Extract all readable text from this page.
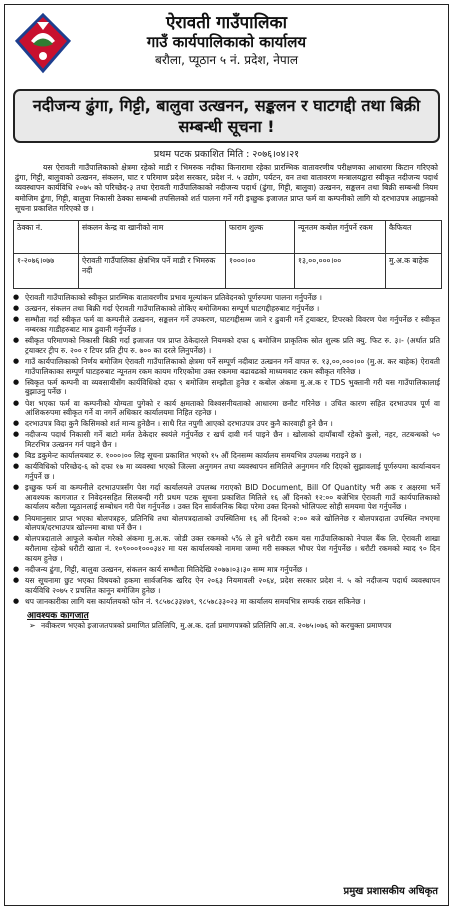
ऐरावती गाउँपालिका
गाउँ कार्यपालिकाको कार्यालय
बरौला, प्यूठान ५ नं. प्रदेश, नेपाल
नदीजन्य ढुंगा, गिट्टी, बालुवा उत्खनन, सङ्कलन र घाटगद्दी तथा बिक्री सम्बन्धी सूचना !
प्रथम पटक प्रकाशित मिति : २०७६।०४।२१
यस ऐरावती गाउँपालिकाको क्षेत्रमा रहेको माडी र भिमरुक नदीका किनारामा रहेका प्रारम्भिक वातावरणीय परीक्षणका आधारमा किटान गरिएको ढुंगा, गिट्टी, बालुवाको उत्खनन, संकलन, घाट र परिमाण प्रदेश सरकार, प्रदेश नं. ५ उद्योग, पर्यटन, वन तथा वातावरण मन्त्रालयद्वारा स्वीकृत नदीजन्य पदार्थ व्यवस्थापन कार्यविधि २०७५ को परिच्छेद-३ तथा ऐरावती गाउँपालिकाको नदीजन्य पदार्थ (ढुंगा, गिट्टी, बालुवा) उत्खनन, सङ्कलन तथा बिक्री सम्बन्धी नियम बमोजिम ढुंगा, गिट्टी, बालुवा निकासी ठेक्का सम्बन्धी तपसिलको शर्त पालना गर्ने गरी इच्छुक इजाजत प्राप्त फर्म वा कम्पनीको लागि यो दरभाउपत्र आह्वानको सूचना प्रकाशित गरिएको छ ।
ठेक्का नं.	संकलन केन्द्र वा खानीको नाम	फाराम शुल्क	न्यूनतम कबोल गर्नुपर्ने रकम	कैफियत
१-२०७६।०७७	ऐरावती गाउँपालिका क्षेत्रभित्र पर्ने माडी र भिमरुक नदी	१०००।००	१३,००,०००।००	मु.अ.क बाहेक
● ऐरावती गाउँपालिकाको स्वीकृत प्रारम्भिक वातावरणीय प्रभाव मूल्यांकन प्रतिवेदनको पूर्णरुपमा पालना गर्नुपर्नेछ ।
● उत्खनन, संकलन तथा बिक्री गर्दा ऐरावती गाउँपालिकाको तोकिए बमोजिमका सम्पूर्ण घाटगद्दीहरुबाट गर्नुपर्नेछ ।
● सम्भौता गर्दा स्वीकृत फर्म वा कम्पनीले उत्खनन, सङ्कलन गर्ने उपकरण, घाटगद्दीसम्म जाने र ढुवानी गर्ने ट्रयाक्टर, टिपरको विवरण पेश गर्नुपर्नेछ र स्वीकृत नम्बरका गाडीहरुबाट मात्र ढुवानी गर्नुपर्नेछ ।
● स्वीकृत परिमाणको निकासी बिक्री गर्दा इजाजत पत्र प्राप्त ठेकेदारले नियमको दफा ६ बमोजिम प्राकृतिक स्रोत शुल्क प्रति क्यु. फिट रु. ३।- (अर्थात प्रति ट्रयाक्टर ट्रीप रु. २०० र टिपर प्रति ट्रीप रु. ७०० का दरले लिनुपर्नेछ) ।
● गाउँ कार्यपालिकाको निर्णय बमोजिम ऐरावती गाउँपालिकाको क्षेत्रमा पर्ने सम्पूर्ण नदीबाट उत्खनन गर्ने वापत रु. १३,००,०००।०० (मु.अ. कर बाहेक) ऐरावती गाउँपालिकाका सम्पूर्ण घाटहरुबाट न्यूनतम रकम कायम गरिएकोमा उक्त रकममा बढावढको माध्यमबाट रकम स्वीकृत गरिनेछ ।
● स्विकृत फर्म कम्पनी वा व्यवसायीसँग कार्यविधिको दफा ९ बमोजिम सम्झौता हुनेछ र कबोल अंकमा मु.अ.क र TDS भुक्तानी गरी यस गाउँपालिकालाई बुझाउनु पर्नेछ ।
● पेश भएका फर्म वा कम्पनीको योग्यता पुगेको र कार्य क्षमताको विश्वसनीयताको आधारमा छनौट गरिनेछ । उचित कारण सहित दरभाउपत्र पूर्ण वा आंशिकरुपमा स्वीकृत गर्ने वा नगर्ने अधिकार कार्यालयमा निहित रहनेछ ।
● दरभाउपत्र विदा कुनै किसिमको शर्त मान्य हुनेछैन । साथै रित नपुगी आएको दरभाउपत्र उपर कुनै कारवाही हुने छैन ।
● नदीजन्य पदार्थ निकासी गर्ने बाटो मर्मत ठेकेदार स्वयंले गर्नुपर्नेछ र खर्च दावी गर्न पाइने छैन । खोलाको दायाँबायाँ रहेको कुलो, नहर, तटबन्धको ५० मिटरभित्र उत्खनन गर्न पाइने छैन ।
● बिड डकुमेन्ट कार्यालयबाट रु. १०००।०० लिइ सूचना प्रकाशित भएको १५ औं दिनसम्म कार्यालय समयभित्र उपलब्ध गराइने छ ।
● कार्यविधिको परिच्छेद-६ को दफा १७ मा व्यवस्था भएको जिल्ला अनुगमन तथा व्यवस्थापन समितिले अनुगमन गरि दिएको सुझावलाई पूर्णरुपमा कार्यान्वयन गर्नुपर्ने छ ।
● इच्छुक फर्म वा कम्पनीले दरभाउपत्रसँग पेश गर्दा कार्यालयले उपलब्ध गराएको BID Document, Bill Of Quantity भरी अक र अक्षरमा भर्ने आवश्यक कागजात र निवेदनसहित सिलबन्दी गरी प्रथम पटक सूचना प्रकाशित मितिले १६ औं दिनको १२:०० बजेभित्र ऐरावती गाउँ कार्यपालिकाको कार्यालय बरौला प्यूठानलाई सम्बोधन गरी पेश गर्नुपर्नेछ । उक्त दिन सार्वजनिक बिदा परेमा उक्त दिनको भोलिपल्ट सोही समयमा पेश गर्नुपर्नेछ ।
● नियमानुसार प्राप्त भएका बोलपत्रहरु, प्रतिनिधि तथा बोलपत्रदाताको उपस्थितिमा १६ औं दिनको २:०० बजे खोलिनेछ र बोलपत्रदाता उपस्थित नभएमा बोलपत्र/दरभाउपत्र खोल्नमा बाधा पर्ने छैन ।
● बोलपत्रदाताले आफूले कबोल गरेको अंकमा मु.अ.क. जोडी उक्त रकमको ५% ले हुने धरौटी रकम यस गाउँपालिकाको नेपाल बैंक लि. ऐरावती शाखा बरौलामा रहेको धरौटी खाता नं. १०९०००१०००३४२ मा यस कार्यालयको नाममा जम्मा गरी सक्कल भौचर पेश गर्नुपर्नेछ । धरौटी रकमको म्याद ९० दिन कायम हुनेछ ।
● नदीजन्य ढुंगा, गिट्टी, बालुवा उत्खनन, संकलन कार्य सम्भौता मितिदेखि २०७७।०३।३० सम्म मात्र गर्नुपर्नेछ ।
● यस सूचनामा छुट भएका विषयको हकमा सार्वजनिक खरिद ऐन २०६३ नियमावली २०६४, प्रदेश सरकार प्रदेश नं. ५ को नदीजन्य पदार्थ व्यवस्थापन कार्यविधि २०७५ र प्रचलित कानून बमोजिम हुनेछ ।
● थप जानकारीका लागि यस कार्यालयको फोन नं. ९८५७८३३४७९, ९८५७८३३०२३ मा कार्यालय समयभित्र सम्पर्क राख्न सकिनेछ ।
आवश्यक कागजात
➢ नवीकरण भएको इजाजतपत्रको प्रमाणित प्रतिलिपि, मु.अ.क. दर्ता प्रमाणपत्रको प्रतिलिपि आ.व. २०७५।०७६ को करचुक्ता प्रमाणपत्र
प्रमुख प्रशासकीय अधिकृत
